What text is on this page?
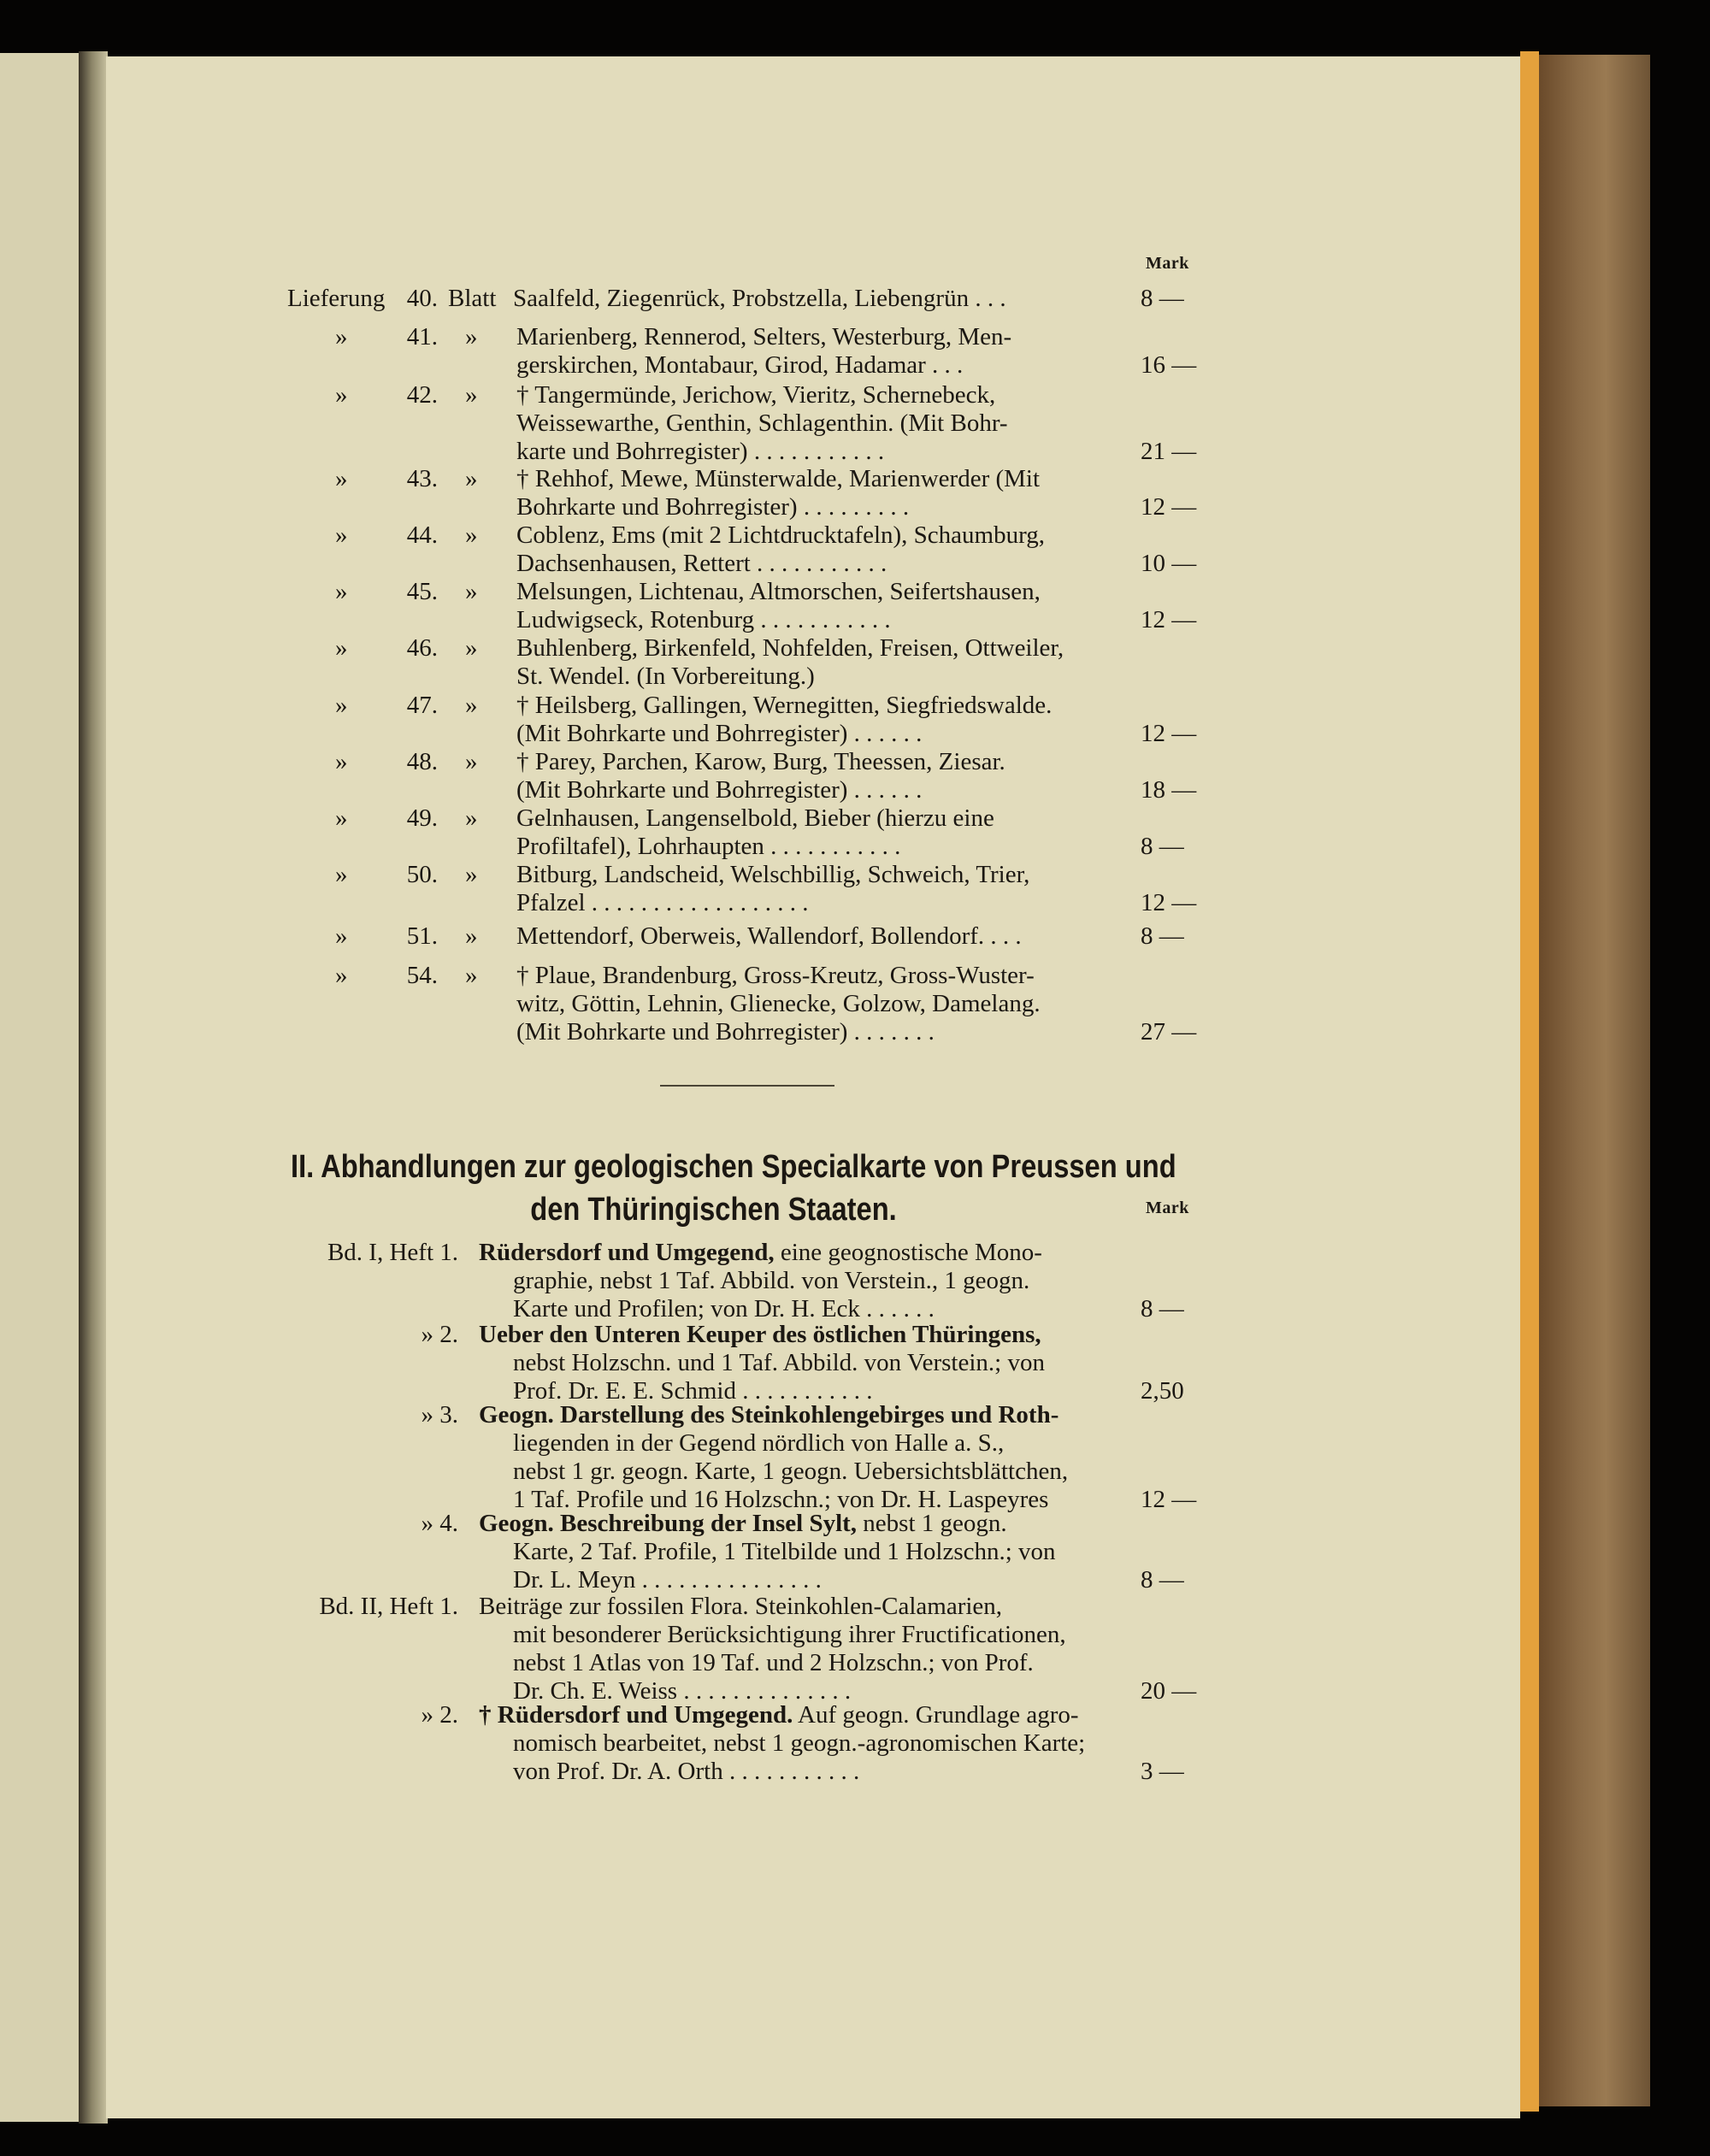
Mark
Lieferung 40. Blatt Saalfeld, Ziegenrück, Probstzella, Liebengrün . . .	8 —
»	41. » Marienberg, Rennerod, Selters, Westerburg, Men-
gerskirchen, Montabaur, Girod, Hadamar . . .	16 —
»	42. » † Tangermünde, Jerichow, Vieritz, Schernebeck,
Weissewarthe, Genthin, Schlagenthin. (Mit Bohr-
karte und Bohrregister) . . . . . . . . . . .	21 —
»	43. » † Rehhof, Mewe, Münsterwalde, Marienwerder (Mit
Bohrkarte und Bohrregister) . . . . . . . . .	12 —
»	44. » Coblenz, Ems (mit 2 Lichtdrucktafeln), Schaumburg,
Dachsenhausen, Rettert . . . . . . . . . . .	10 —
»	45. » Melsungen, Lichtenau, Altmorschen, Seifertshausen,
Ludwigseck, Rotenburg . . . . . . . . . . .	12 —
»	46. » Buhlenberg, Birkenfeld, Nohfelden, Freisen, Ottweiler,
St. Wendel. (In Vorbereitung.)
»	47. » † Heilsberg, Gallingen, Wernegitten, Siegfriedswalde.
(Mit Bohrkarte und Bohrregister) . . . . . .	12 —
»	48. » † Parey, Parchen, Karow, Burg, Theessen, Ziesar.
(Mit Bohrkarte und Bohrregister) . . . . . .	18 —
»	49. » Gelnhausen, Langenselbold, Bieber (hierzu eine
Profiltafel), Lohrhaupten . . . . . . . . . . .	8 —
»	50. » Bitburg, Landscheid, Welschbillig, Schweich, Trier,
Pfalzel . . . . . . . . . . . . . . . . . .	12 —
»	51. » Mettendorf, Oberweis, Wallendorf, Bollendorf. . . .	8 —
»	54. » † Plaue, Brandenburg, Gross-Kreutz, Gross-Wuster-
witz, Göttin, Lehnin, Glienecke, Golzow, Damelang.
(Mit Bohrkarte und Bohrregister) . . . . . . .	27 —
II. Abhandlungen zur geologischen Specialkarte von Preussen und
den Thüringischen Staaten.	Mark
Bd. I, Heft 1. Rüdersdorf und Umgegend, eine geognostische Mono-
graphie, nebst 1 Taf. Abbild. von Verstein., 1 geogn.
Karte und Profilen; von Dr. H. Eck . . . . . .	8 —
» 2. Ueber den Unteren Keuper des östlichen Thüringens,
nebst Holzschn. und 1 Taf. Abbild. von Verstein.; von
Prof. Dr. E. E. Schmid . . . . . . . . . . .	2,50
» 3. Geogn. Darstellung des Steinkohlengebirges und Roth-
liegenden in der Gegend nördlich von Halle a. S.,
nebst 1 gr. geogn. Karte, 1 geogn. Uebersichtsblättchen,
1 Taf. Profile und 16 Holzschn.; von Dr. H. Laspeyres	12 —
» 4. Geogn. Beschreibung der Insel Sylt, nebst 1 geogn.
Karte, 2 Taf. Profile, 1 Titelbilde und 1 Holzschn.; von
Dr. L. Meyn . . . . . . . . . . . . . . .	8 —
Bd. II, Heft 1. Beiträge zur fossilen Flora. Steinkohlen-Calamarien,
mit besonderer Berücksichtigung ihrer Fructificationen,
nebst 1 Atlas von 19 Taf. und 2 Holzschn.; von Prof.
Dr. Ch. E. Weiss . . . . . . . . . . . . . .	20 —
» 2. † Rüdersdorf und Umgegend. Auf geogn. Grundlage agro-
nomisch bearbeitet, nebst 1 geogn.-agronomischen Karte;
von Prof. Dr. A. Orth . . . . . . . . . . .	3 —
